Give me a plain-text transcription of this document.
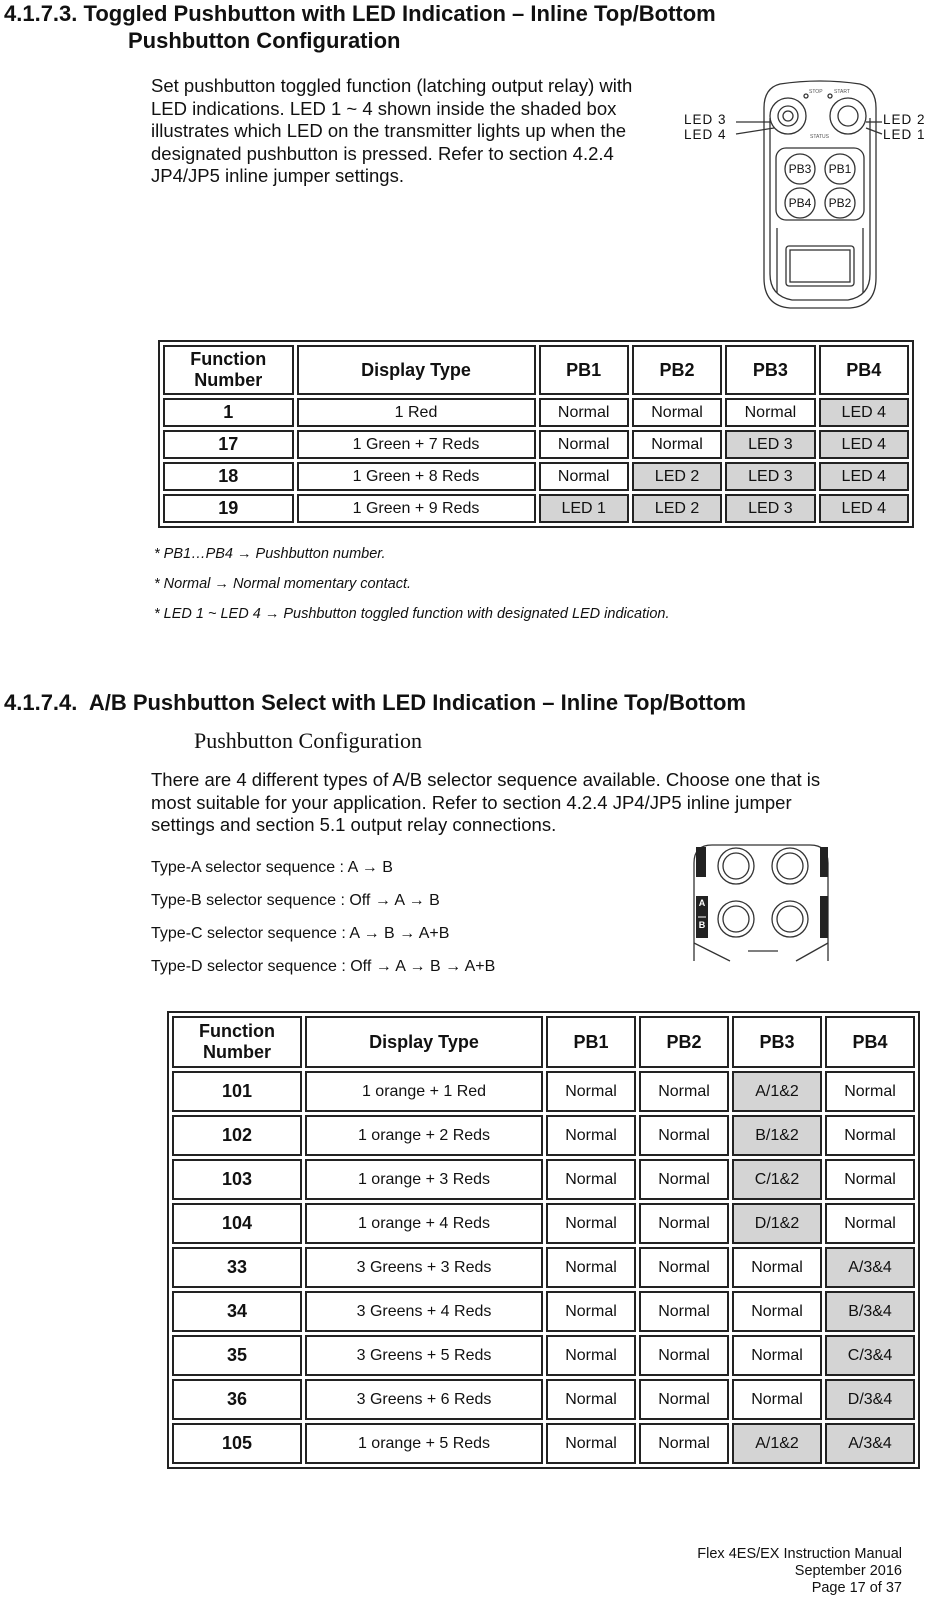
4.1.7.3. Toggled Pushbutton with LED Indication – Inline Top/Bottom
Pushbutton Configuration
Set pushbutton toggled function (latching output relay) with
LED indications. LED 1 ~ 4 shown inside the shaded box
illustrates which LED on the transmitter lights up when the
designated pushbutton is pressed. Refer to section 4.2.4
JP4/JP5 inline jumper settings.
STOP START
STATUS
LED 3
LED 4
LED 2
LED 1
PB3	PB1
PB4	PB2
Function
Number	Display Type	PB1	PB2	PB3	PB4
1	1 Red	Normal	Normal	Normal	LED 4
17	1 Green + 7 Reds	Normal	Normal	LED 3	LED 4
18	1 Green + 8 Reds	Normal	LED 2	LED 3	LED 4
19	1 Green + 9 Reds	LED 1	LED 2	LED 3	LED 4
* PB1…PB4 → Pushbutton number.
* Normal → Normal momentary contact.
* LED 1 ~ LED 4 → Pushbutton toggled function with designated LED indication.
4.1.7.4. A/B Pushbutton Select with LED Indication – Inline Top/Bottom
Pushbutton Configuration
There are 4 different types of A/B selector sequence available. Choose one that is
most suitable for your application. Refer to section 4.2.4 JP4/JP5 inline jumper
settings and section 5.1 output relay connections.
Type-A selector sequence : A → B
Type-B selector sequence : Off → A → B
Type-C selector sequence : A → B → A+B
Type-D selector sequence : Off → A → B → A+B
A
B
Function
Number	Display Type	PB1	PB2	PB3	PB4
101	1 orange + 1 Red	Normal	Normal	A/1&2	Normal
102	1 orange + 2 Reds	Normal	Normal	B/1&2	Normal
103	1 orange + 3 Reds	Normal	Normal	C/1&2	Normal
104	1 orange + 4 Reds	Normal	Normal	D/1&2	Normal
33	3 Greens + 3 Reds	Normal	Normal	Normal	A/3&4
34	3 Greens + 4 Reds	Normal	Normal	Normal	B/3&4
35	3 Greens + 5 Reds	Normal	Normal	Normal	C/3&4
36	3 Greens + 6 Reds	Normal	Normal	Normal	D/3&4
105	1 orange + 5 Reds	Normal	Normal	A/1&2	A/3&4
Flex 4ES/EX Instruction Manual
September 2016
Page 17 of 37
